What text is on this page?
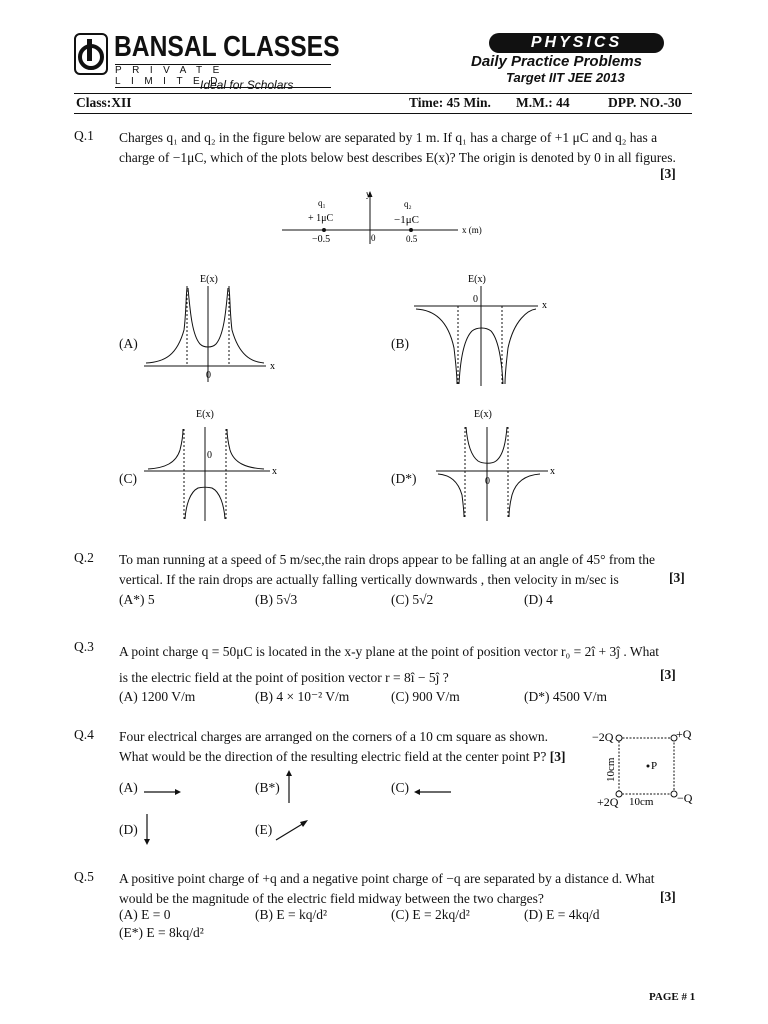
BANSAL CLASSES
PRIVATE LIMITED
Ideal for Scholars
PHYSICS
Daily Practice Problems
Target IIT JEE 2013
Class:XII	Time: 45 Min. M.M.: 44	DPP. NO.-30
Q.1 Charges q₁ and q₂ in the figure below are separated by 1 m. If q₁ has a charge of +1 μC and q₂ has a
charge of −1μC, which of the plots below best describes E(x)? The origin is denoted by 0 in all figures.
[3]
q₁
+ 1μC
q₂
−1μC
y
x (m)
−0.5	0	0.5
(A)
E(x)
x
0
(B)
E(x)
x
0
(C)
E(x)
x
0
(D*)
E(x)
x
0
Q.2 To man running at a speed of 5 m/sec,the rain drops appear to be falling at an angle of 45° from the
vertical. If the rain drops are actually falling vertically downwards , then velocity in m/sec is	[3]
(A*) 5	(B) 5√3	(C) 5√2	(D) 4
Q.3 A point charge q = 50μC is located in the x-y plane at the point of position vector r₀ = 2î + 3ĵ . What
is the electric field at the point of position vector r = 8î − 5ĵ ?	[3]
(A) 1200 V/m	(B) 4 × 10⁻² V/m	(C) 900 V/m	(D*) 4500 V/m
Q.4 Four electrical charges are arranged on the corners of a 10 cm square as shown.
What would be the direction of the resulting electric field at the center point P? [3]
(A)	(B*)	(C)
(D)	(E)
−2Q	+Q
+2Q	−Q
P
10cm
10cm
Q.5 A positive point charge of +q and a negative point charge of −q are separated by a distance d. What
would be the magnitude of the electric field midway between the two charges?	[3]
(A) E = 0	(B) E = kq/d²	(C) E = 2kq/d²	(D) E = 4kq/d
(E*) E = 8kq/d²
PAGE # 1
